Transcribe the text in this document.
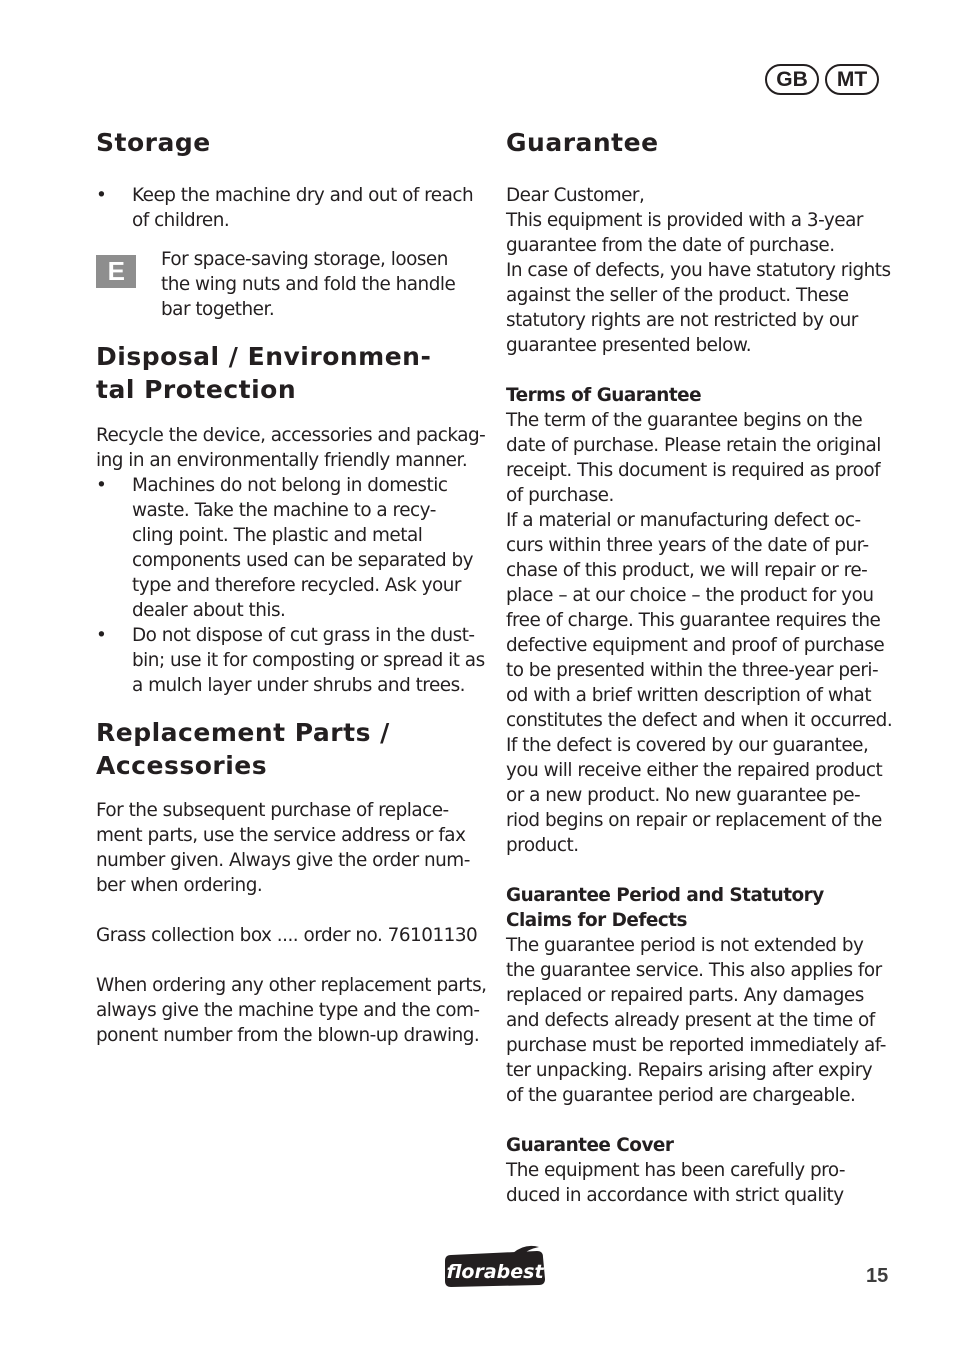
GB	MT
Storage
• Keep the machine dry and out of reach
of children.
E	For space-saving storage, loosen
the wing nuts and fold the handle
bar together.
Disposal / Environmen-
tal Protection
Recycle the device, accessories and packag-
ing in an environmentally friendly manner.
• Machines do not belong in domestic
waste. Take the machine to a recy-
cling point. The plastic and metal
components used can be separated by
type and therefore recycled. Ask your
dealer about this.
• Do not dispose of cut grass in the dust-
bin; use it for composting or spread it as
a mulch layer under shrubs and trees.
Replacement Parts /
Accessories
For the subsequent purchase of replace-
ment parts, use the service address or fax
number given. Always give the order num-
ber when ordering.
Grass collection box .... order no. 76101130
When ordering any other replacement parts,
always give the machine type and the com-
ponent number from the blown-up drawing.
Guarantee
Dear Customer,
This equipment is provided with a 3-year
guarantee from the date of purchase.
In case of defects, you have statutory rights
against the seller of the product. These
statutory rights are not restricted by our
guarantee presented below.
Terms of Guarantee
The term of the guarantee begins on the
date of purchase. Please retain the original
receipt. This document is required as proof
of purchase.
If a material or manufacturing defect oc-
curs within three years of the date of pur-
chase of this product, we will repair or re-
place – at our choice – the product for you
free of charge. This guarantee requires the
defective equipment and proof of purchase
to be presented within the three-year peri-
od with a brief written description of what
constitutes the defect and when it occurred.
If the defect is covered by our guarantee,
you will receive either the repaired product
or a new product. No new guarantee pe-
riod begins on repair or replacement of the
product.
Guarantee Period and Statutory
Claims for Defects
The guarantee period is not extended by
the guarantee service. This also applies for
replaced or repaired parts. Any damages
and defects already present at the time of
purchase must be reported immediately af-
ter unpacking. Repairs arising after expiry
of the guarantee period are chargeable.
Guarantee Cover
The equipment has been carefully pro-
duced in accordance with strict quality
florabest	15
